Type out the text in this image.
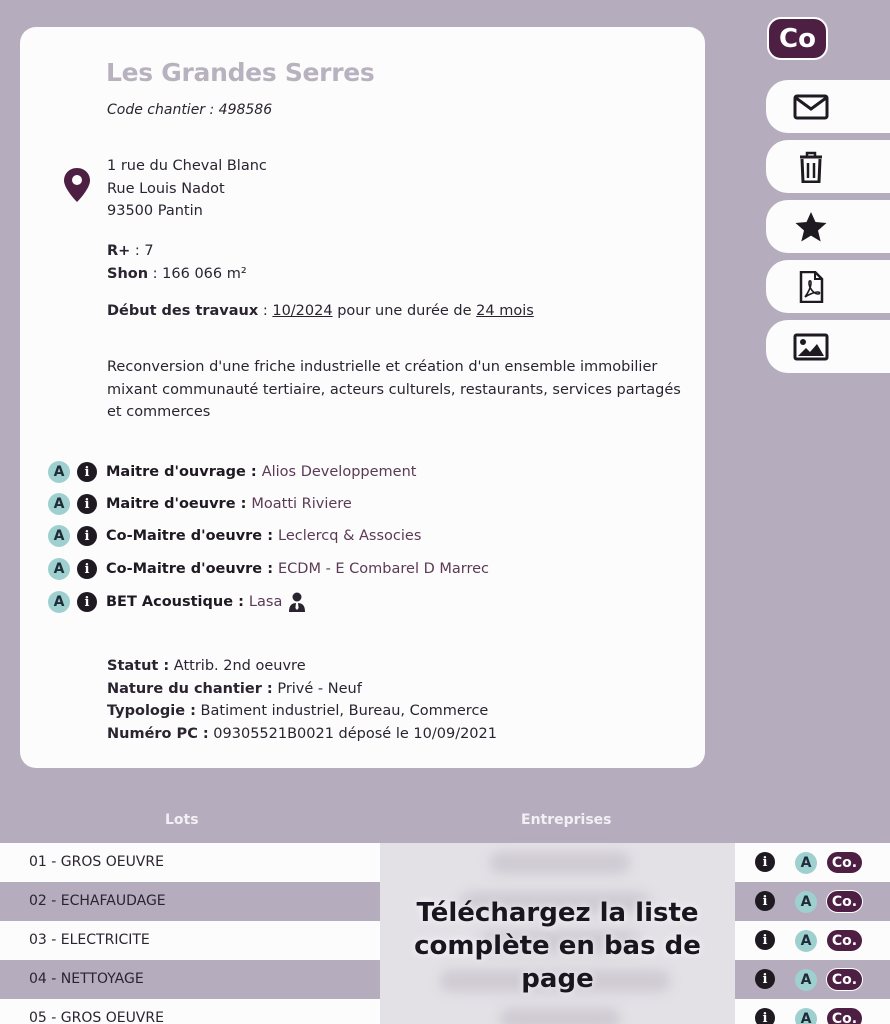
Les Grandes Serres
Code chantier : 498586
1 rue du Cheval Blanc
Rue Louis Nadot
93500 Pantin
R+ : 7
Shon : 166 066 m²
Début des travaux : 10/2024 pour une durée de 24 mois
Reconversion d'une friche industrielle et création d'un ensemble immobilier mixant communauté tertiaire, acteurs culturels, restaurants, services partagés et commerces
A	i	Maitre d'ouvrage : Alios Developpement
A	i	Maitre d'oeuvre : Moatti Riviere
A	i	Co-Maitre d'oeuvre : Leclercq & Associes
A	i	Co-Maitre d'oeuvre : ECDM - E Combarel D Marrec
A	i	BET Acoustique : Lasa
Statut : Attrib. 2nd oeuvre
Nature du chantier : Privé - Neuf
Typologie : Batiment industriel, Bureau, Commerce
Numéro PC : 09305521B0021 déposé le 10/09/2021
Co
Lots	Entreprises
01 - GROS OEUVRE	i	A	Co.
02 - ECHAFAUDAGE	i	A	Co.
03 - ELECTRICITE	i	A	Co.
04 - NETTOYAGE	i	A	Co.
05 - GROS OEUVRE	i	A	Co.
Téléchargez la liste
complète en bas de page
